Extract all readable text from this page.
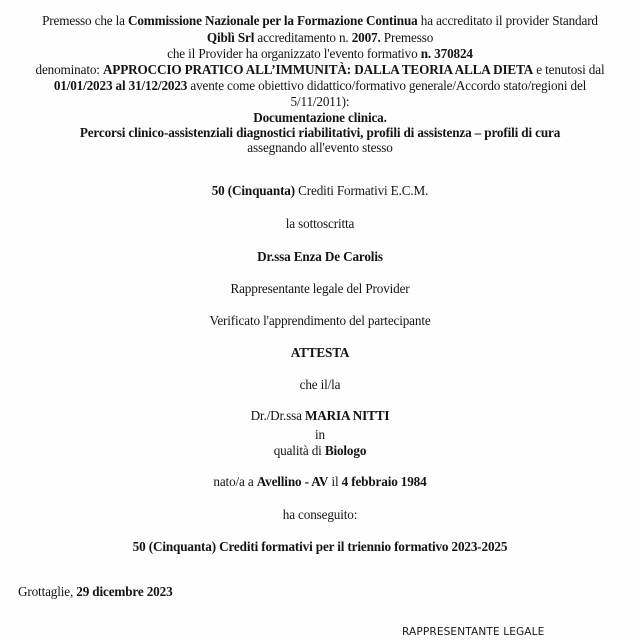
Premesso che la Commissione Nazionale per la Formazione Continua ha accreditato il provider Standard
Qiblì Srl accreditamento n. 2007. Premesso
che il Provider ha organizzato l'evento formativo n. 370824
denominato: APPROCCIO PRATICO ALL’IMMUNITÀ: DALLA TEORIA ALLA DIETA e tenutosi dal
01/01/2023 al 31/12/2023 avente come obiettivo didattico/formativo generale/Accordo stato/regioni del
5/11/2011):
Documentazione clinica.
Percorsi clinico-assistenziali diagnostici riabilitativi, profili di assistenza – profili di cura
assegnando all'evento stesso
50 (Cinquanta) Crediti Formativi E.C.M.
la sottoscritta
Dr.ssa Enza De Carolis
Rappresentante legale del Provider
Verificato l'apprendimento del partecipante
ATTESTA
che il/la
Dr./Dr.ssa MARIA NITTI
in
qualità di Biologo
nato/a a Avellino - AV il 4 febbraio 1984
ha conseguito:
50 (Cinquanta) Crediti formativi per il triennio formativo 2023-2025
Grottaglie, 29 dicembre 2023
RAPPRESENTANTE LEGALE
